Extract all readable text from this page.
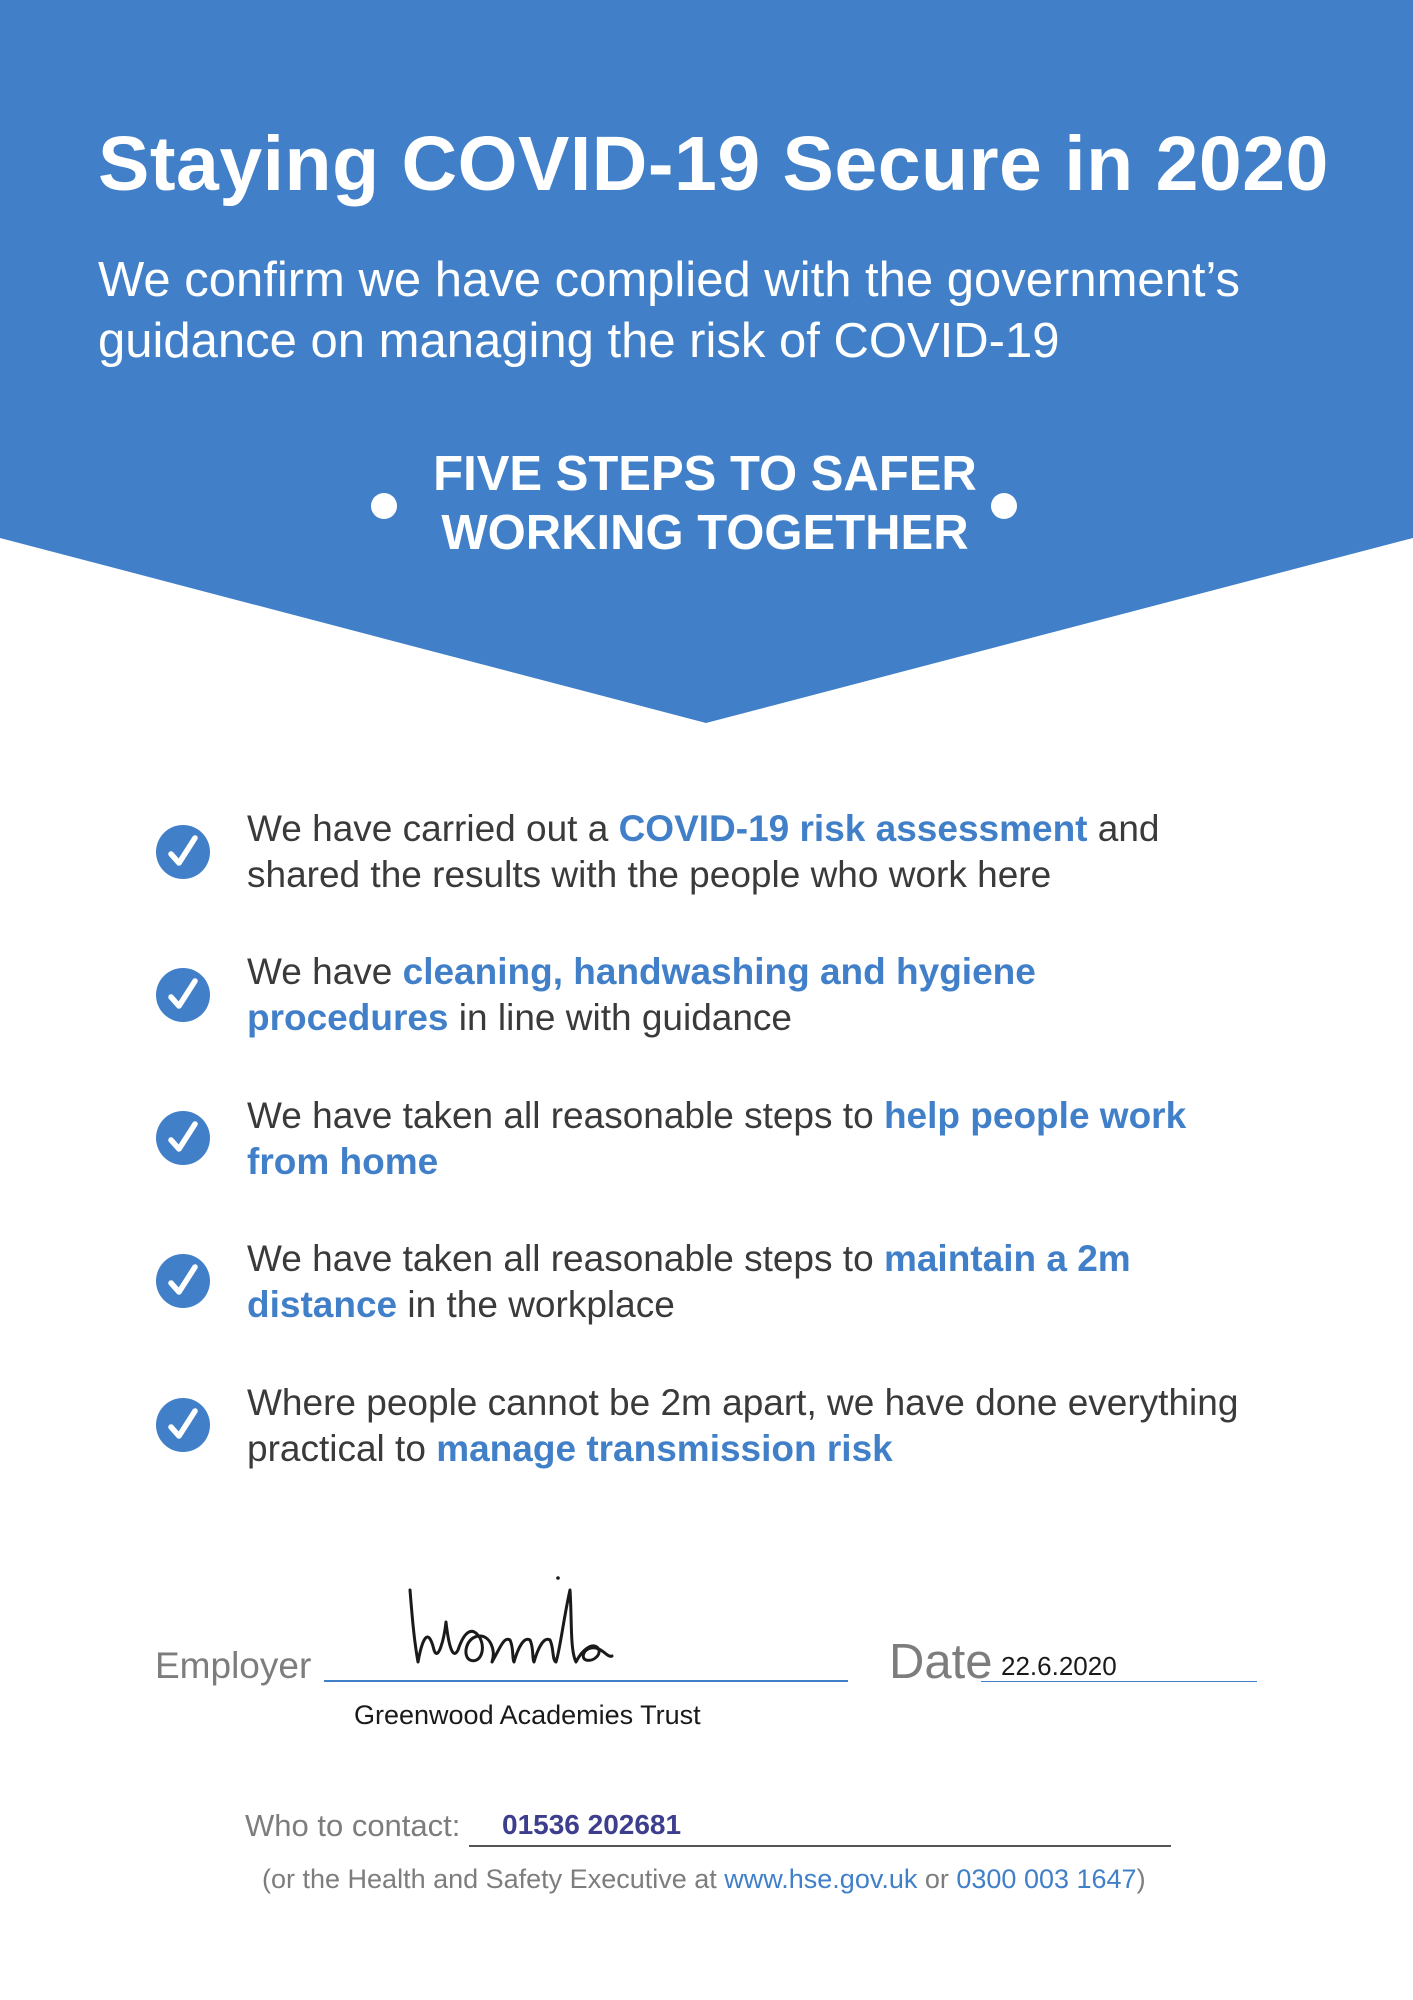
Staying COVID-19 Secure in 2020
We confirm we have complied with the government’s guidance on managing the risk of COVID-19
FIVE STEPS TO SAFER
WORKING TOGETHER
We have carried out a COVID-19 risk assessment and shared the results with the people who work here
We have cleaning, handwashing and hygiene procedures in line with guidance
We have taken all reasonable steps to help people work from home
We have taken all reasonable steps to maintain a 2m distance in the workplace
Where people cannot be 2m apart, we have done everything practical to manage transmission risk
Employer
Greenwood Academies Trust
Date 22.6.2020
Who to contact: 01536 202681
(or the Health and Safety Executive at www.hse.gov.uk or 0300 003 1647)
